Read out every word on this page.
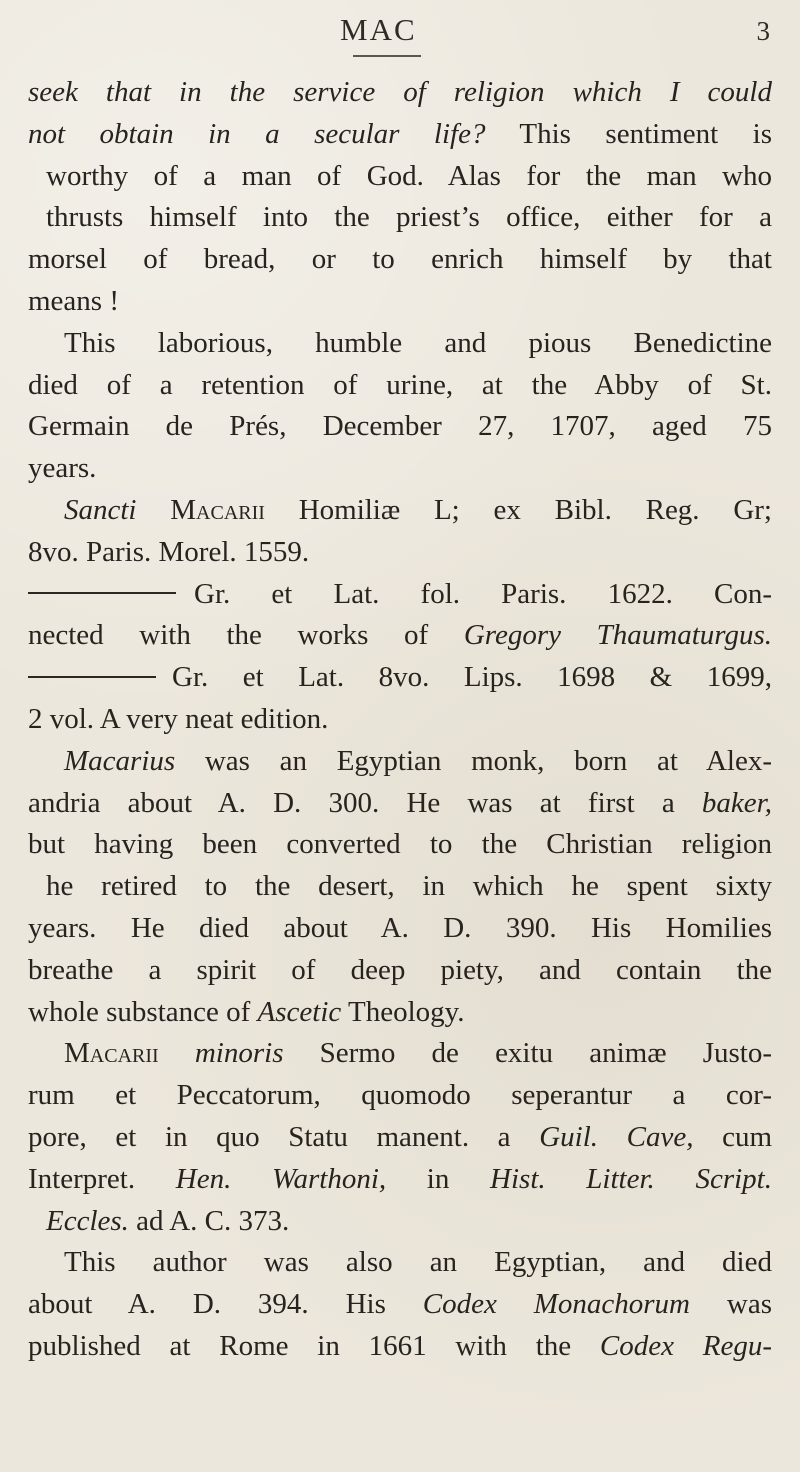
MAC	3
seek that in the service of religion which I could
not obtain in a secular life? This sentiment is
worthy of a man of God. Alas for the man who
thrusts himself into the priest’s office, either for a
morsel of bread, or to enrich himself by that
means !
This laborious, humble and pious Benedictine
died of a retention of urine, at the Abby of St.
Germain de Prés, December 27, 1707, aged 75
years.
Sancti Macarii Homiliæ L; ex Bibl. Reg. Gr;
8vo. Paris. Morel. 1559.
Gr. et Lat. fol. Paris. 1622. Con-
nected with the works of Gregory Thaumaturgus.
Gr. et Lat. 8vo. Lips. 1698 & 1699,
2 vol. A very neat edition.
Macarius was an Egyptian monk, born at Alex-
andria about A. D. 300. He was at first a baker,
but having been converted to the Christian religion
he retired to the desert, in which he spent sixty
years. He died about A. D. 390. His Homilies
breathe a spirit of deep piety, and contain the
whole substance of Ascetic Theology.
Macarii minoris Sermo de exitu animæ Justo-
rum et Peccatorum, quomodo seperantur a cor-
pore, et in quo Statu manent. a Guil. Cave, cum
Interpret. Hen. Warthoni, in Hist. Litter. Script.
Eccles. ad A. C. 373.
This author was also an Egyptian, and died
about A. D. 394. His Codex Monachorum was
published at Rome in 1661 with the Codex Regu-
